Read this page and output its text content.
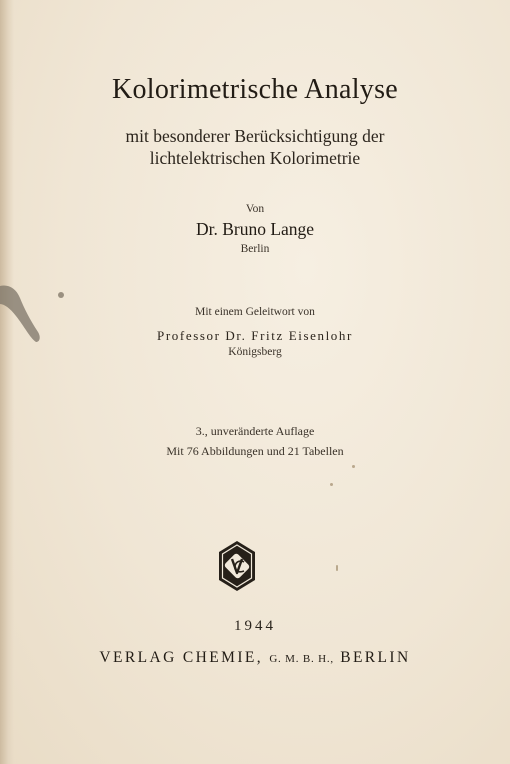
Kolorimetrische Analyse
mit besonderer Berücksichtigung der
lichtelektrischen Kolorimetrie
Von
Dr. Bruno Lange
Berlin
Mit einem Geleitwort von
Professor Dr. Fritz Eisenlohr
Königsberg
3., unveränderte Auflage
Mit 76 Abbildungen und 21 Tabellen
1944
VERLAG CHEMIE, G. M. B. H., BERLIN
